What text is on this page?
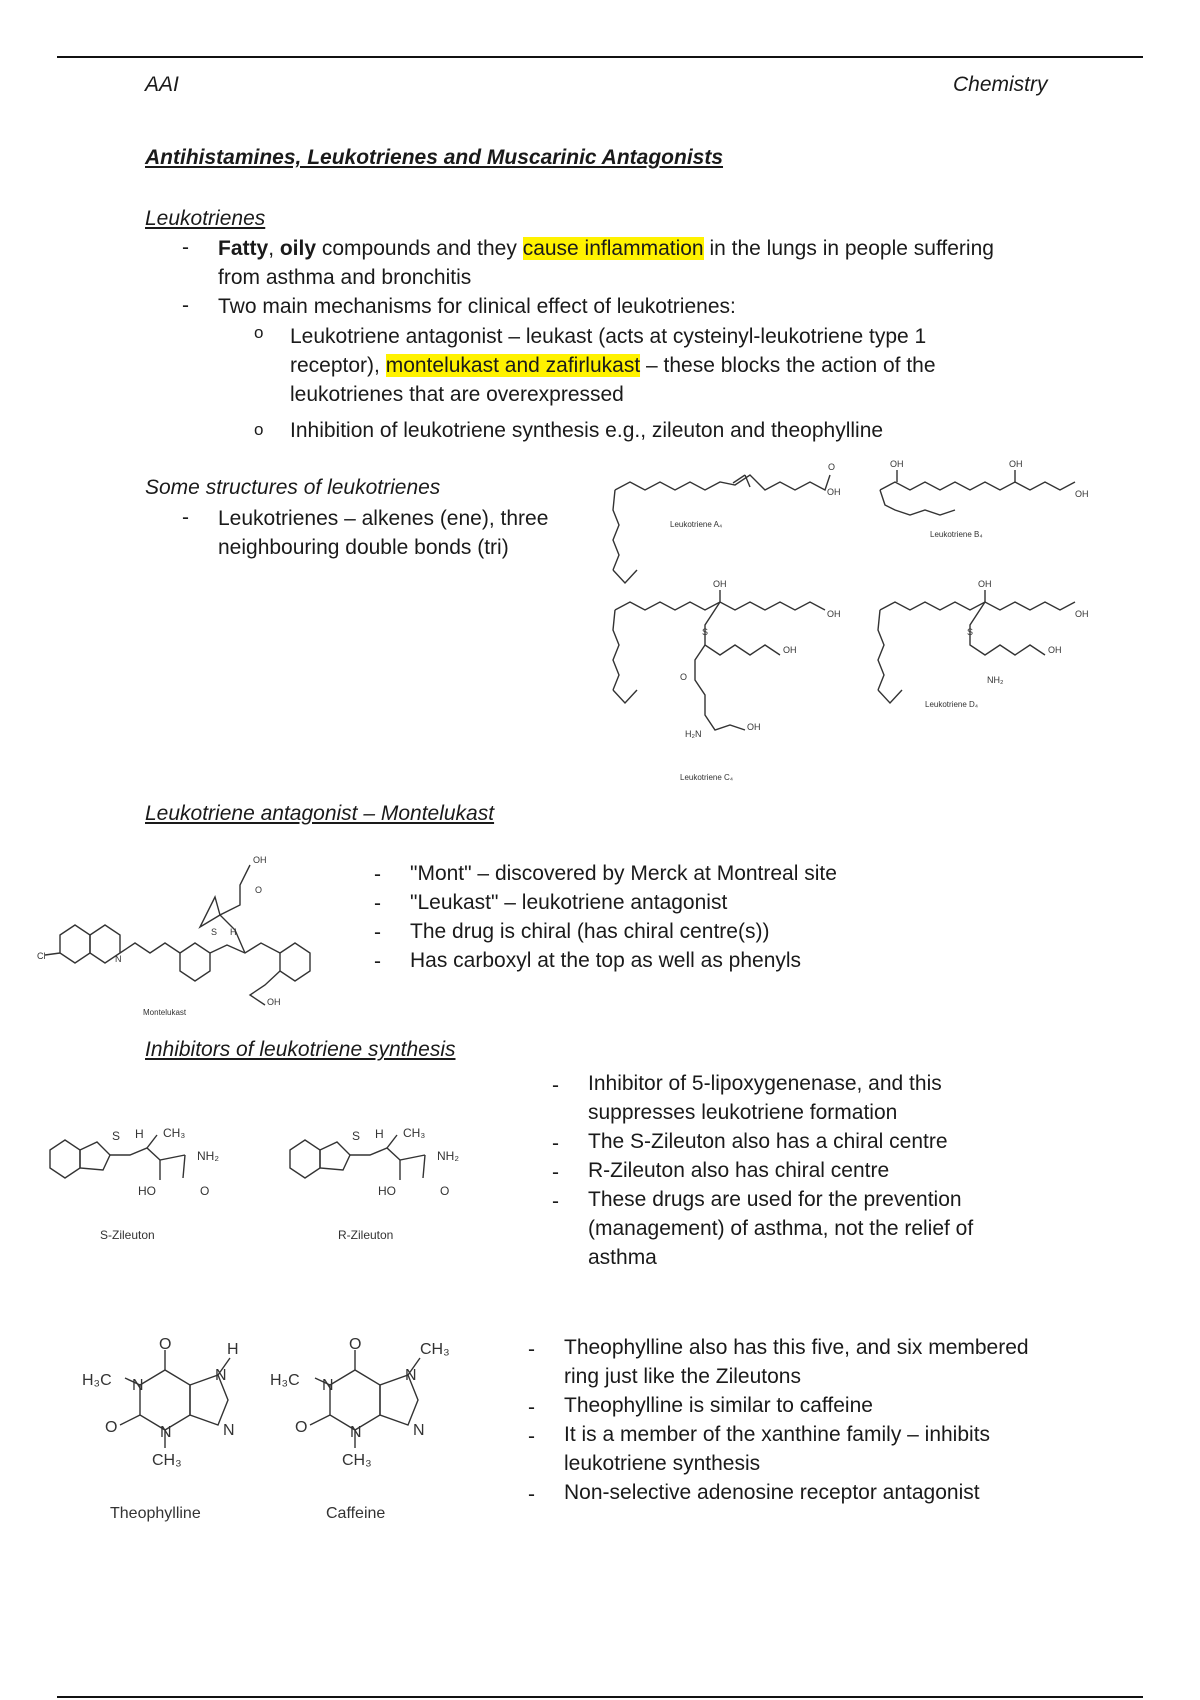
AAI	Chemistry
Antihistamines, Leukotrienes and Muscarinic Antagonists
Leukotrienes
- Fatty, oily compounds and they cause inflammation in the lungs in people suffering
from asthma and bronchitis
- Two main mechanisms for clinical effect of leukotrienes:
o Leukotriene antagonist – leukast (acts at cysteinyl-leukotriene type 1
receptor), montelukast and zafirlukast – these blocks the action of the
leukotrienes that are overexpressed
o Inhibition of leukotriene synthesis e.g., zileuton and theophylline
Some structures of leukotrienes
- Leukotrienes – alkenes (ene), three
neighbouring double bonds (tri)
OH
O
Leukotriene A₄
OH	OH
OH
Leukotriene B₄
OH
OH
S
OH
O
H₂N
OH
Leukotriene C₄
OH
OH
S
OH
NH₂
Leukotriene D₄
Leukotriene antagonist – Montelukast
Cl	N
S H
OH
O
OH
Montelukast
- "Mont" – discovered by Merck at Montreal site
- "Leukast" – leukotriene antagonist
- The drug is chiral (has chiral centre(s))
- Has carboxyl at the top as well as phenyls
Inhibitors of leukotriene synthesis
S H CH₃
NH₂
HO	O
S-Zileuton
S H CH₃
NH₂
HO	O
R-Zileuton
- Inhibitor of 5-lipoxygenenase, and this
suppresses leukotriene formation
- The S-Zileuton also has a chiral centre
- R-Zileuton also has chiral centre
- These drugs are used for the prevention
(management) of asthma, not the relief of
asthma
O	H
H₃C N
N
N
N
O
CH₃
Theophylline
O	CH₃
H₃C N
N
N
N
O
CH₃
Caffeine
- Theophylline also has this five, and six membered
ring just like the Zileutons
- Theophylline is similar to caffeine
- It is a member of the xanthine family – inhibits
leukotriene synthesis
- Non-selective adenosine receptor antagonist
